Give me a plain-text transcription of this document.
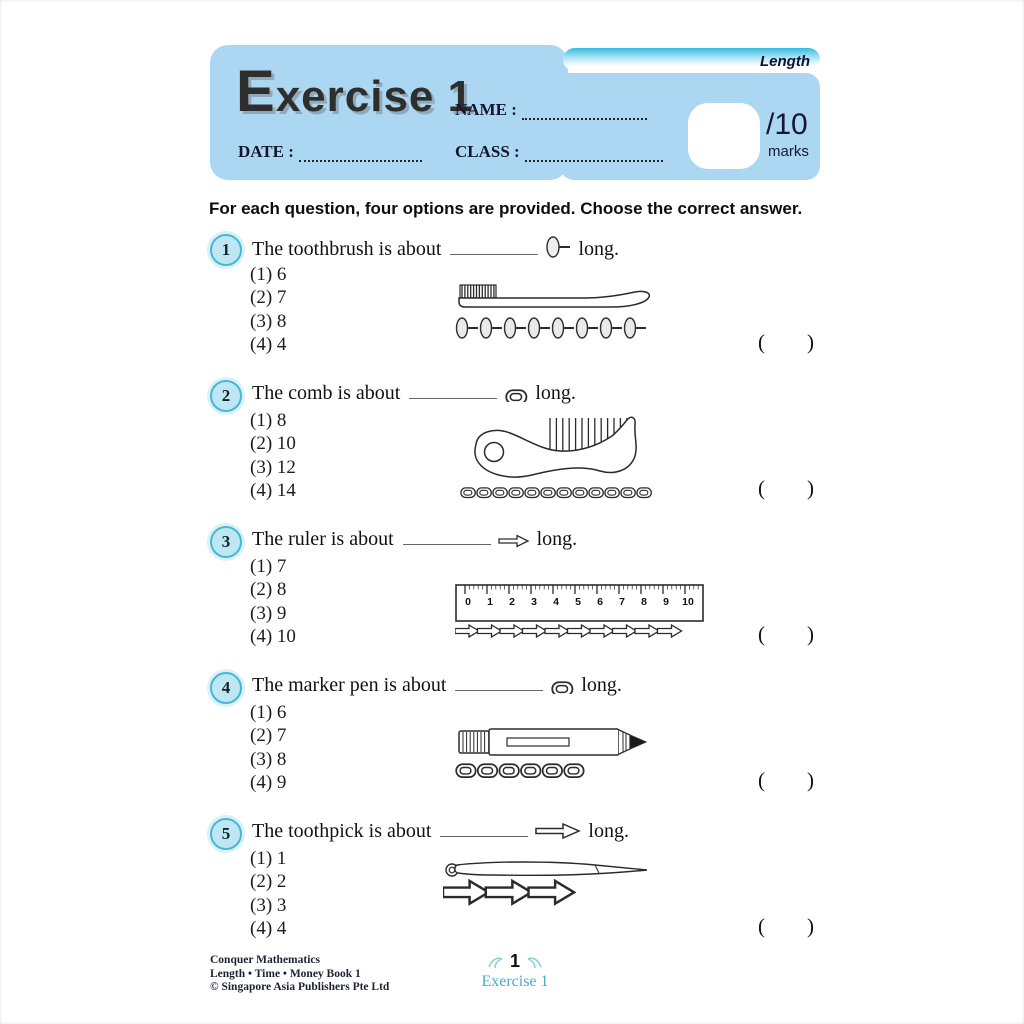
Length
Exercise 1
NAME :
DATE :	CLASS :
/10
marks
For each question, four options are provided. Choose the correct answer.
1	The toothbrush is about	long.
(1) 6
(2) 7
(3) 8
(4) 4	( )
2	The comb is about	long.
(1) 8
(2) 10
(3) 12
(4) 14	( )
3	The ruler is about	long.
(1) 7
(2) 8
(3) 9
(4) 10
0 1 2 3 4 5 6 7 8 9 10
( )
4	The marker pen is about	long.
(1) 6
(2) 7
(3) 8
(4) 9	( )
5	The toothpick is about	long.
(1) 1
(2) 2
(3) 3
(4) 4	( )
Conquer Mathematics
Length • Time • Money Book 1
© Singapore Asia Publishers Pte Ltd
1
Exercise 1
